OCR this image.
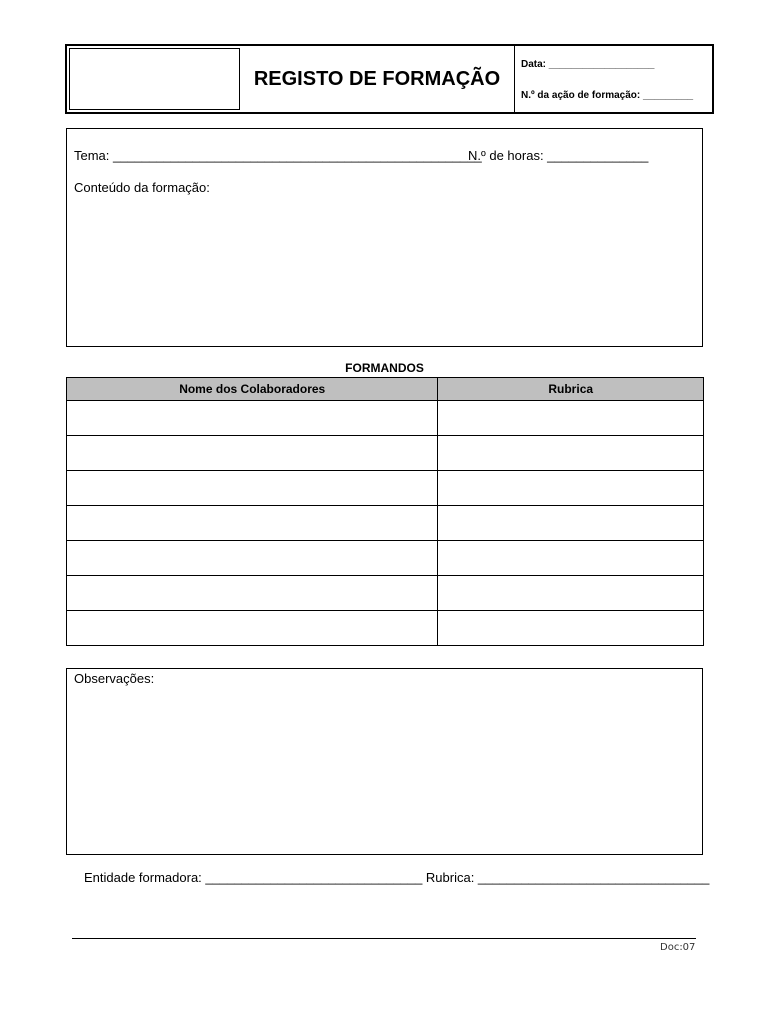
REGISTO DE FORMAÇÃO
Data: ___________________
N.º da ação de formação: _________
Tema: ___________________________________________________
N.º de horas: ______________
Conteúdo da formação:
FORMANDOS
Nome dos Colaboradores	Rubrica

Observações:
Entidade formadora: ______________________________ Rubrica: ________________________________
Doc:07
